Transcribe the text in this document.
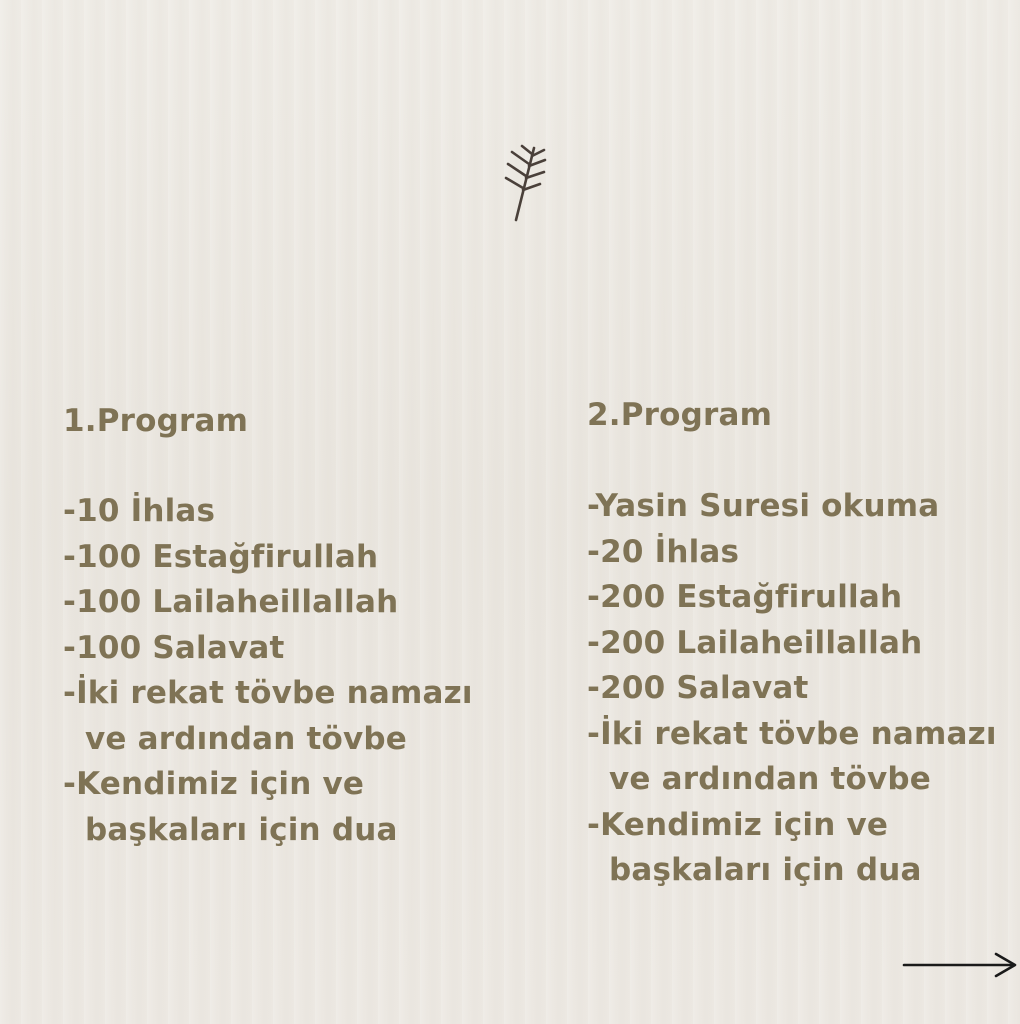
1.Program
-10 İhlas
-100 Estağfirullah
-100 Lailaheillallah
-100 Salavat
-İki rekat tövbe namazı
ve ardından tövbe
-Kendimiz için ve
başkaları için dua
2.Program
-Yasin Suresi okuma
-20 İhlas
-200 Estağfirullah
-200 Lailaheillallah
-200 Salavat
-İki rekat tövbe namazı
ve ardından tövbe
-Kendimiz için ve
başkaları için dua
